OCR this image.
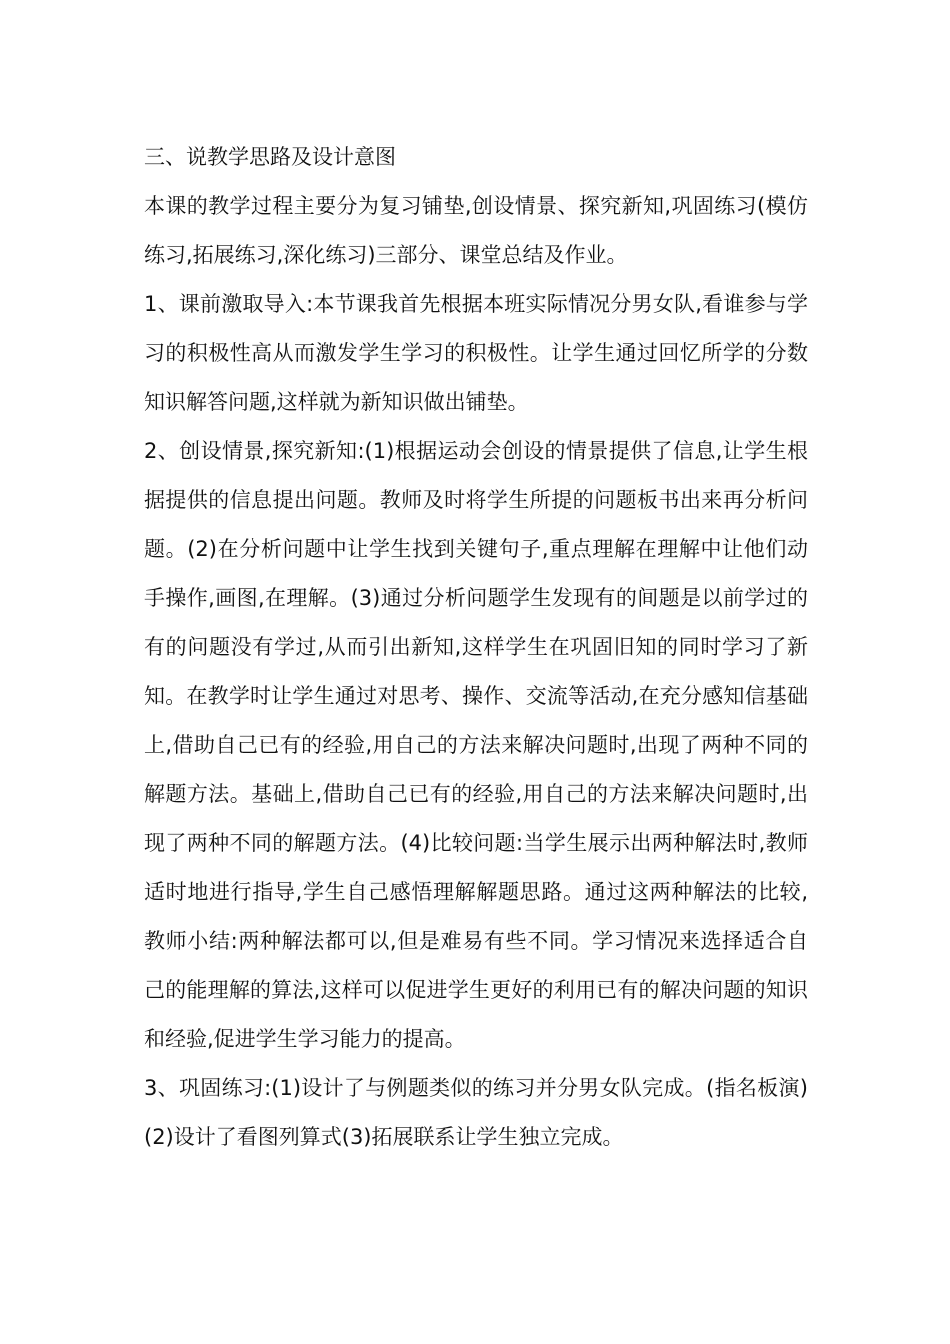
三、说教学思路及设计意图

本课的教学过程主要分为复习铺垫,创设情景、探究新知,巩固练习(模仿练习,拓展练习,深化练习)三部分、课堂总结及作业。

1、课前激取导入:本节课我首先根据本班实际情况分男女队,看谁参与学习的积极性高从而激发学生学习的积极性。让学生通过回忆所学的分数知识解答问题,这样就为新知识做出铺垫。

2、创设情景,探究新知:(1)根据运动会创设的情景提供了信息,让学生根据提供的信息提出问题。教师及时将学生所提的问题板书出来再分析问题。(2)在分析问题中让学生找到关键句子,重点理解在理解中让他们动手操作,画图,在理解。(3)通过分析问题学生发现有的间题是以前学过的有的问题没有学过,从而引出新知,这样学生在巩固旧知的同时学习了新知。在教学时让学生通过对思考、操作、交流等活动,在充分感知信基础上,借助自己已有的经验,用自己的方法来解决问题时,出现了两种不同的解题方法。基础上,借助自己已有的经验,用自己的方法来解决问题时,出现了两种不同的解题方法。(4)比较问题:当学生展示出两种解法时,教师适时地进行指导,学生自己感悟理解解题思路。通过这两种解法的比较,教师小结:两种解法都可以,但是难易有些不同。学习情况来选择适合自己的能理解的算法,这样可以促进学生更好的利用已有的解决问题的知识和经验,促进学生学习能力的提高。

3、巩固练习:(1)设计了与例题类似的练习并分男女队完成。(指名板演)(2)设计了看图列算式(3)拓展联系让学生独立完成。
